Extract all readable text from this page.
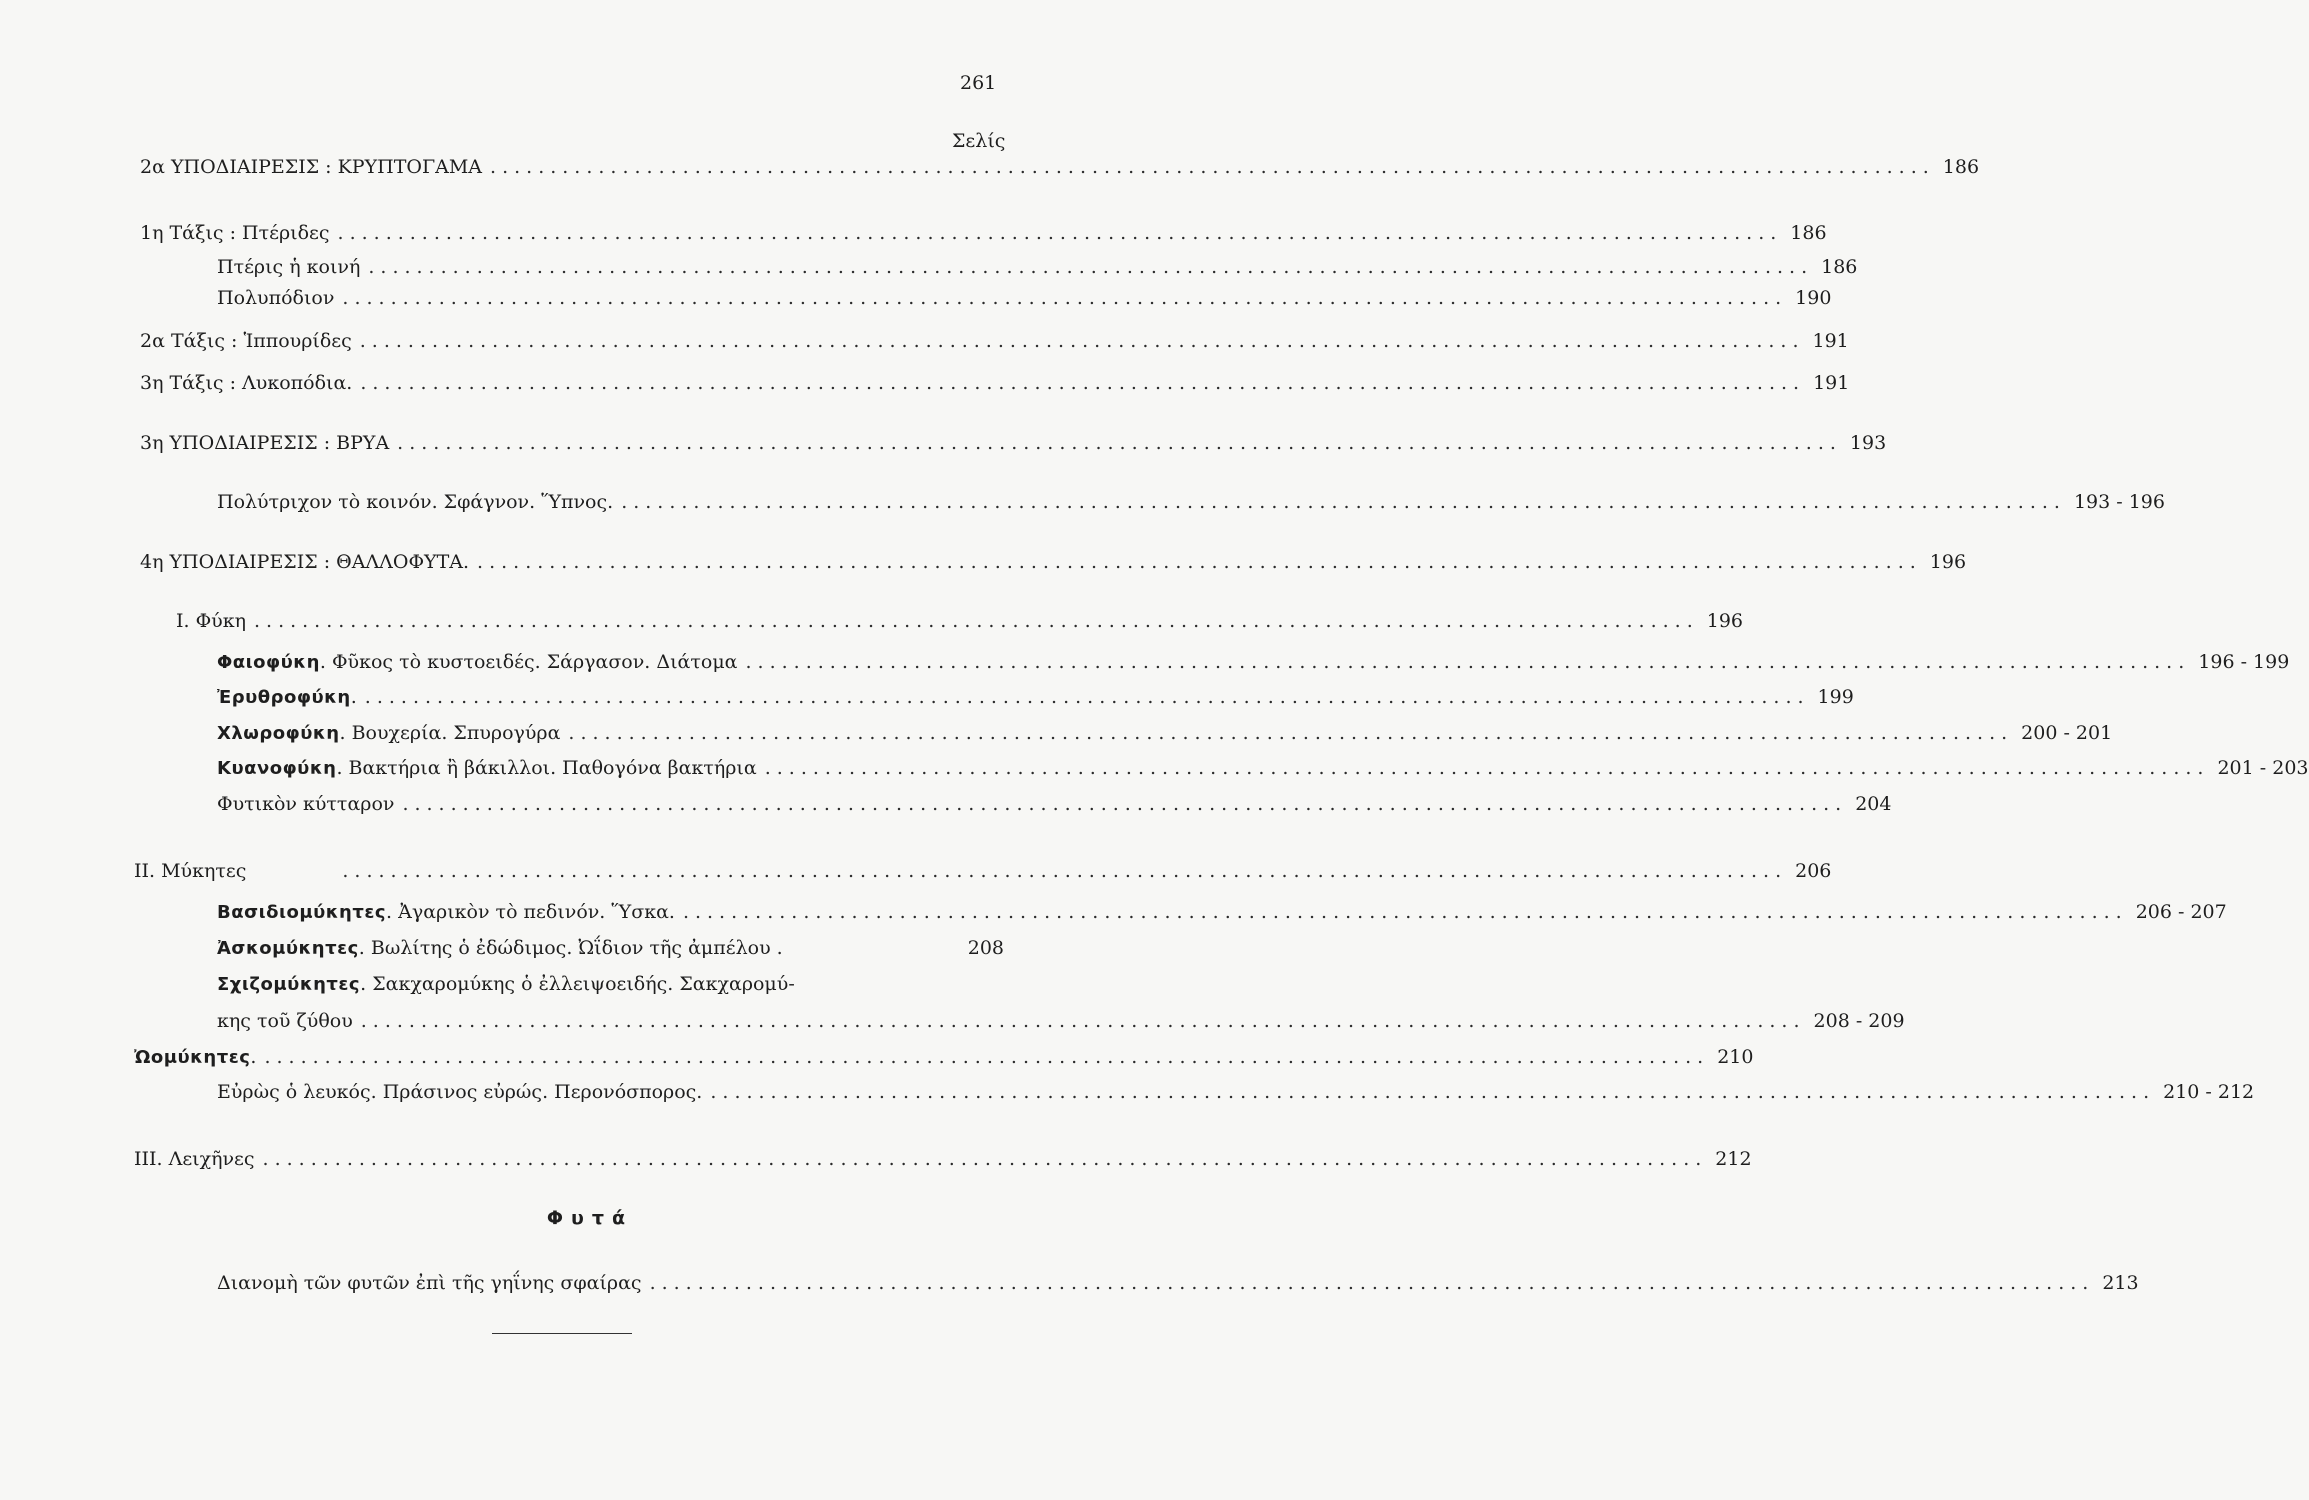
261
Σελίς
2α ΥΠΟΔΙΑΙΡΕΣΙΣ : ΚΡΥΠΤΟΓΑΜΑ ........................................................................................................................ 186
1η Τάξις : Πτέριδες ........................................................................................................................ 186
Πτέρις ἡ κοινή ........................................................................................................................ 186
Πολυπόδιον ........................................................................................................................ 190
2α Τάξις : Ἱππουρίδες ........................................................................................................................ 191
3η Τάξις : Λυκοπόδια. ........................................................................................................................ 191
3η ΥΠΟΔΙΑΙΡΕΣΙΣ : ΒΡΥΑ ........................................................................................................................ 193
Πολύτριχον τὸ κοινόν. Σφάγνον. Ὕπνος. ........................................................................................................................ 193 - 196
4η ΥΠΟΔΙΑΙΡΕΣΙΣ : ΘΑΛΛΟΦΥΤΑ. ........................................................................................................................ 196
I. Φύκη ........................................................................................................................ 196
Φαιοφύκη. Φῦκος τὸ κυστοειδές. Σάργασον. Διάτομα ........................................................................................................................ 196 - 199
Ἐρυθροφύκη. ........................................................................................................................ 199
Χλωροφύκη. Βουχερία. Σπυρογύρα ........................................................................................................................ 200 - 201
Κυανοφύκη. Βακτήρια ἢ βάκιλλοι. Παθογόνα βακτήρια ........................................................................................................................ 201 - 203
Φυτικὸν κύτταρον ........................................................................................................................ 204
II. Μύκητες	........................................................................................................................ 206
Βασιδιομύκητες. Ἀγαρικὸν τὸ πεδινόν. Ὕσκα. ........................................................................................................................ 206 - 207
Ἀσκομύκητες. Βωλίτης ὁ ἐδώδιμος. Ὠΐδιον τῆς ἀμπέλου .	208
Σχιζομύκητες. Σακχαρομύκης ὁ ἐλλειψοειδής. Σακχαρομύ-
κης τοῦ ζύθου ........................................................................................................................ 208 - 209
Ὠομύκητες. ........................................................................................................................ 210
Εὐρὼς ὁ λευκός. Πράσινος εὐρώς. Περονόσπορος. ........................................................................................................................ 210 - 212
III. Λειχῆνες ........................................................................................................................ 212
Φυτά
Διανομὴ τῶν φυτῶν ἐπὶ τῆς γηΐνης σφαίρας ........................................................................................................................ 213
